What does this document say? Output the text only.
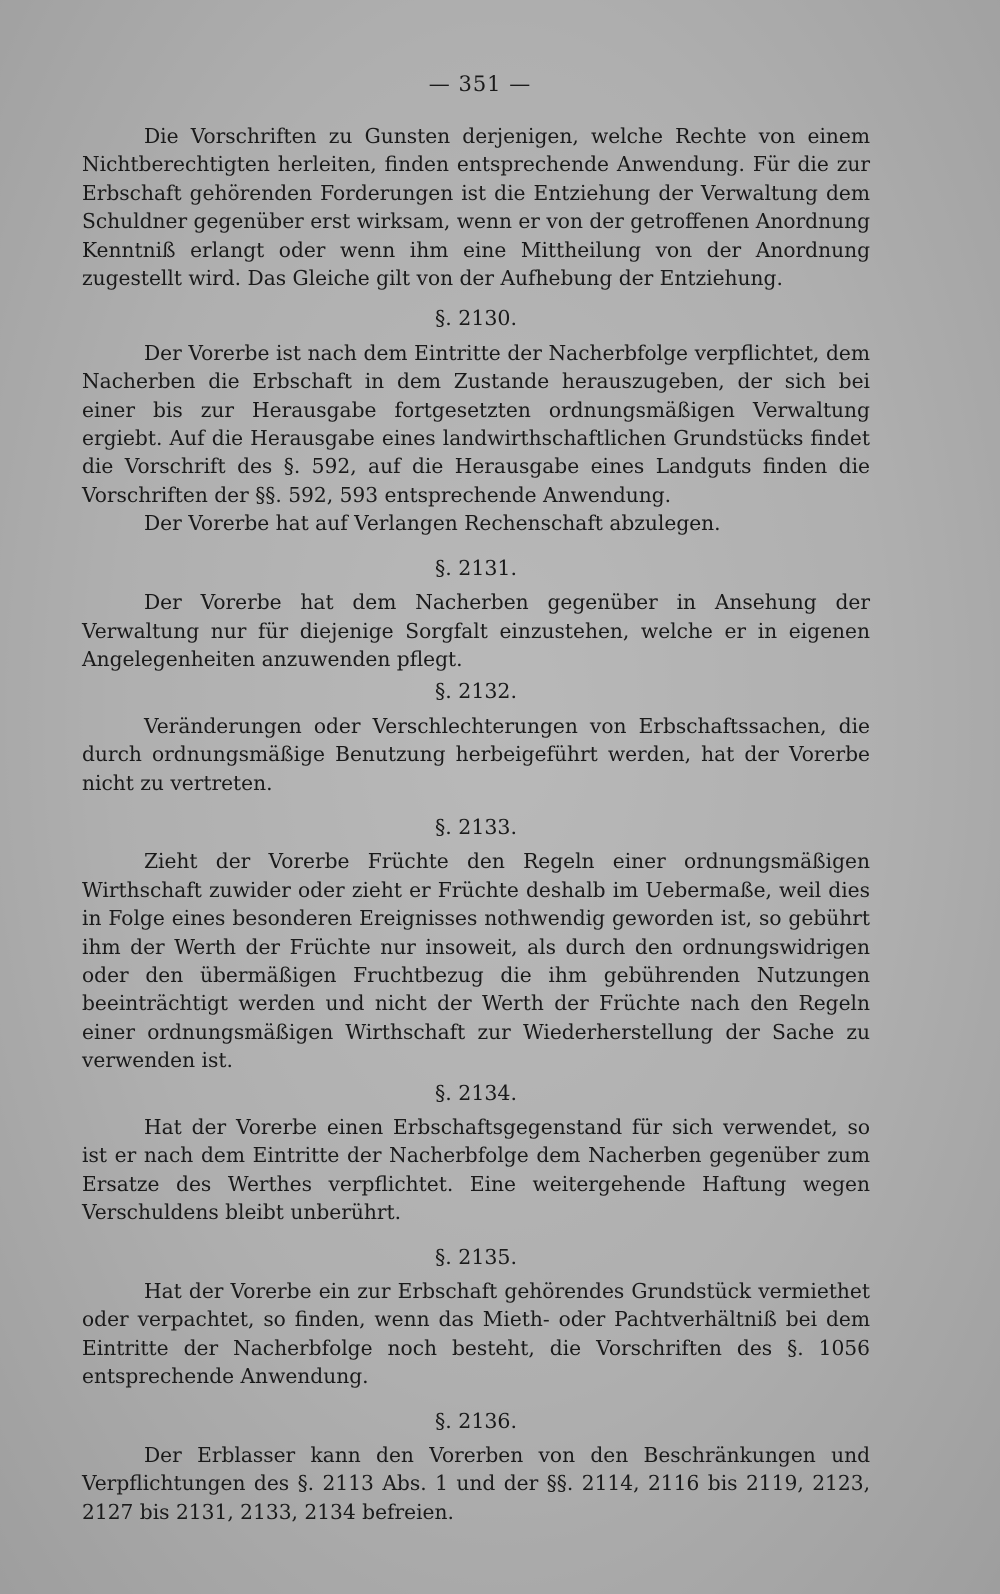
— 351 —

Die Vorschriften zu Gunsten derjenigen, welche Rechte von einem Nichtberechtigten herleiten, finden entsprechende Anwendung. Für die zur Erbschaft gehörenden Forderungen ist die Entziehung der Verwaltung dem Schuldner gegenüber erst wirksam, wenn er von der getroffenen Anordnung Kenntniß erlangt oder wenn ihm eine Mittheilung von der Anordnung zugestellt wird. Das Gleiche gilt von der Aufhebung der Entziehung.

§. 2130.

Der Vorerbe ist nach dem Eintritte der Nacherbfolge verpflichtet, dem Nacherben die Erbschaft in dem Zustande herauszugeben, der sich bei einer bis zur Herausgabe fortgesetzten ordnungsmäßigen Verwaltung ergiebt. Auf die Herausgabe eines landwirthschaftlichen Grundstücks findet die Vorschrift des §. 592, auf die Herausgabe eines Landguts finden die Vorschriften der §§. 592, 593 entsprechende Anwendung.

Der Vorerbe hat auf Verlangen Rechenschaft abzulegen.

§. 2131.

Der Vorerbe hat dem Nacherben gegenüber in Ansehung der Verwaltung nur für diejenige Sorgfalt einzustehen, welche er in eigenen Angelegenheiten anzuwenden pflegt.

§. 2132.

Veränderungen oder Verschlechterungen von Erbschaftssachen, die durch ordnungsmäßige Benutzung herbeigeführt werden, hat der Vorerbe nicht zu vertreten.

§. 2133.

Zieht der Vorerbe Früchte den Regeln einer ordnungsmäßigen Wirthschaft zuwider oder zieht er Früchte deshalb im Uebermaße, weil dies in Folge eines besonderen Ereignisses nothwendig geworden ist, so gebührt ihm der Werth der Früchte nur insoweit, als durch den ordnungswidrigen oder den übermäßigen Fruchtbezug die ihm gebührenden Nutzungen beeinträchtigt werden und nicht der Werth der Früchte nach den Regeln einer ordnungsmäßigen Wirthschaft zur Wiederherstellung der Sache zu verwenden ist.

§. 2134.

Hat der Vorerbe einen Erbschaftsgegenstand für sich verwendet, so ist er nach dem Eintritte der Nacherbfolge dem Nacherben gegenüber zum Ersatze des Werthes verpflichtet. Eine weitergehende Haftung wegen Verschuldens bleibt unberührt.

§. 2135.

Hat der Vorerbe ein zur Erbschaft gehörendes Grundstück vermiethet oder verpachtet, so finden, wenn das Mieth- oder Pachtverhältniß bei dem Eintritte der Nacherbfolge noch besteht, die Vorschriften des §. 1056 entsprechende Anwendung.

§. 2136.

Der Erblasser kann den Vorerben von den Beschränkungen und Verpflichtungen des §. 2113 Abs. 1 und der §§. 2114, 2116 bis 2119, 2123, 2127 bis 2131, 2133, 2134 befreien.
